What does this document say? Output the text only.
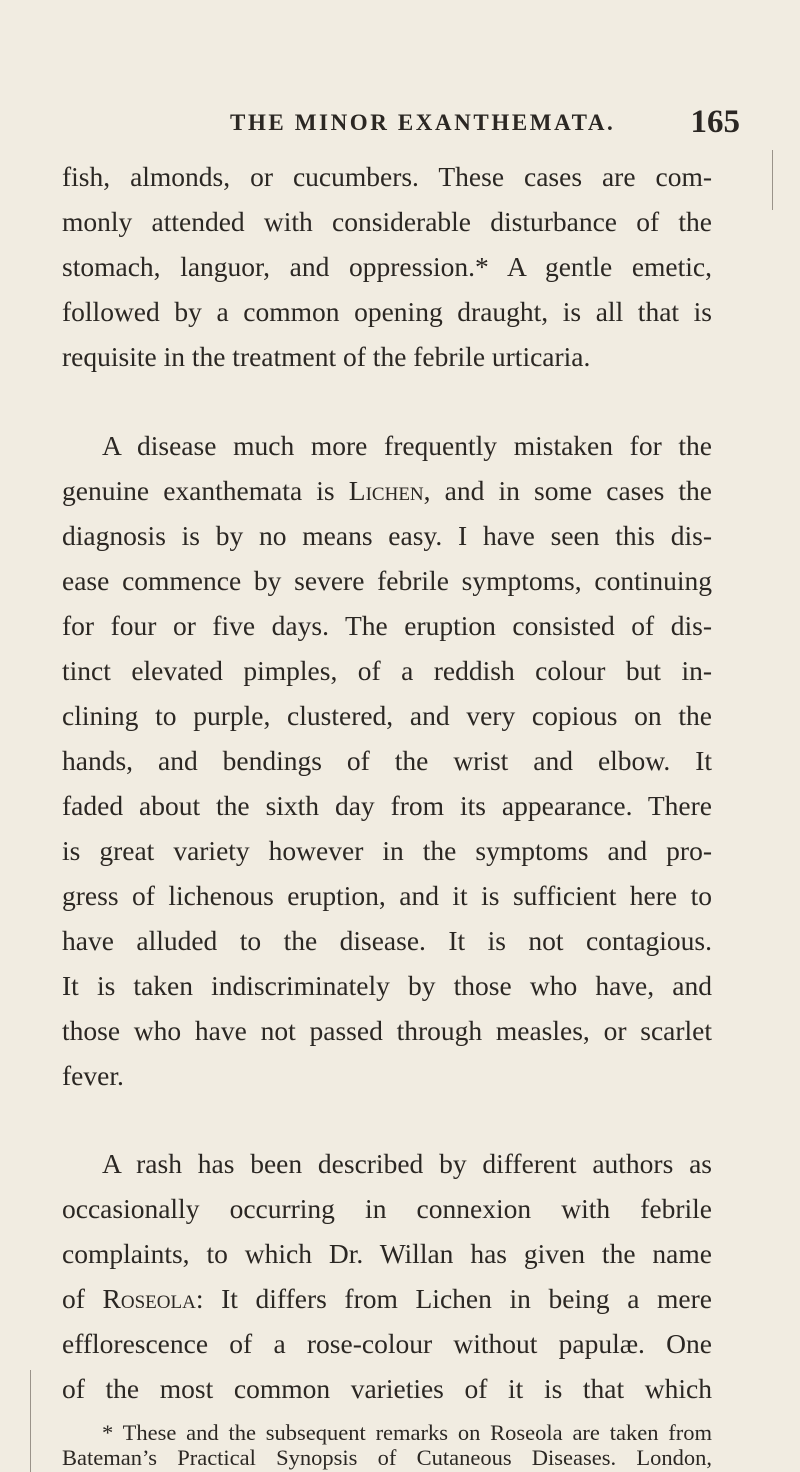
THE MINOR EXANTHEMATA. 165
fish, almonds, or cucumbers. These cases are com-
monly attended with considerable disturbance of the
stomach, languor, and oppression.* A gentle emetic,
followed by a common opening draught, is all that is
requisite in the treatment of the febrile urticaria.
A disease much more frequently mistaken for the
genuine exanthemata is Lichen, and in some cases the
diagnosis is by no means easy. I have seen this dis-
ease commence by severe febrile symptoms, continuing
for four or five days. The eruption consisted of dis-
tinct elevated pimples, of a reddish colour but in-
clining to purple, clustered, and very copious on the
hands, and bendings of the wrist and elbow. It
faded about the sixth day from its appearance. There
is great variety however in the symptoms and pro-
gress of lichenous eruption, and it is sufficient here to
have alluded to the disease. It is not contagious.
It is taken indiscriminately by those who have, and
those who have not passed through measles, or scarlet
fever.
A rash has been described by different authors as
occasionally occurring in connexion with febrile
complaints, to which Dr. Willan has given the name
of Roseola: It differs from Lichen in being a mere
efflorescence of a rose-colour without papulæ. One
of the most common varieties of it is that which
* These and the subsequent remarks on Roseola are taken from
Bateman’s Practical Synopsis of Cutaneous Diseases. London,
